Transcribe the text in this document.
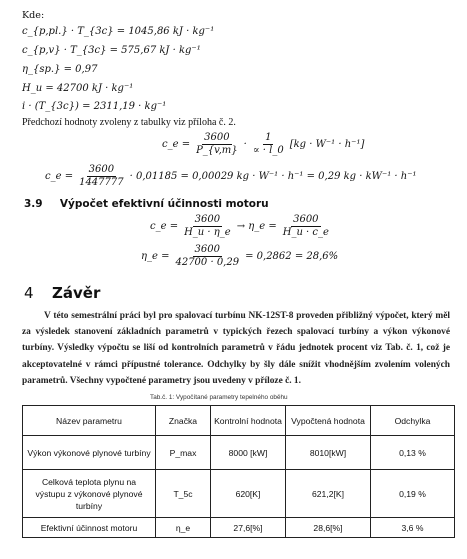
Kde:
c_{p,pl.} · T_{3c} = 1045,86 kJ · kg⁻¹
c_{p,v} · T_{3c} = 575,67 kJ · kg⁻¹
η_{sp.} = 0,97
H_u = 42700 kJ · kg⁻¹
i · (T_{3c}) = 2311,19 · kg⁻¹
Předchozí hodnoty zvoleny z tabulky viz příloha č. 2.
c_e = $\frac{3600}{P\_\{v,m\}} \cdot \frac{1}{\propto \cdot l\_0} [kg \cdot W^{-1} \cdot h^{-1}]$
c_e = $\frac{3600}{1447777} \cdot 0,01185 = 0,00029$ kg · W⁻¹ · h⁻¹ = 0,29 kg · kW⁻¹ · h⁻¹
3.9 Výpočet efektivní účinnosti motoru
c_e = $\frac{3600}{H\_u \cdot \eta\_e}$ → η_e = $\frac{3600}{H\_u \cdot c\_e}$
η_e = $\frac{3600}{42700 \cdot 0,29} = 0,2862 = 28,6\%$
4 Závěr
V této semestrální práci byl pro spalovací turbínu NK-12ST-8 proveden přibližný výpočet, který měl za výsledek stanovení základních parametrů v typických řezech spalovací turbíny a výkon výkonové turbíny. Výsledky výpočtu se liší od kontrolních parametrů v řádu jednotek procent viz Tab. č. 1, což je akceptovatelné v rámci přípustné tolerance. Odchylky by šly dále snížit vhodnějším zvolením volených parametrů. Všechny vypočtené parametry jsou uvedeny v příloze č. 1.
Tab.č. 1: Vypočítané parametry tepelného oběhu
Název parametru	Značka	Kontrolní hodnota	Vypočtená hodnota	Odchylka
Výkon výkonové plynové turbíny	P_max	8000 [kW]	8010[kW]	0,13 %
Celková teplota plynu na výstupu z výkonové plynové turbíny	T_5c	620[K]	621,2[K]	0,19 %
Efektivní účinnost motoru	η_e	27,6[%]	28,6[%]	3,6 %
